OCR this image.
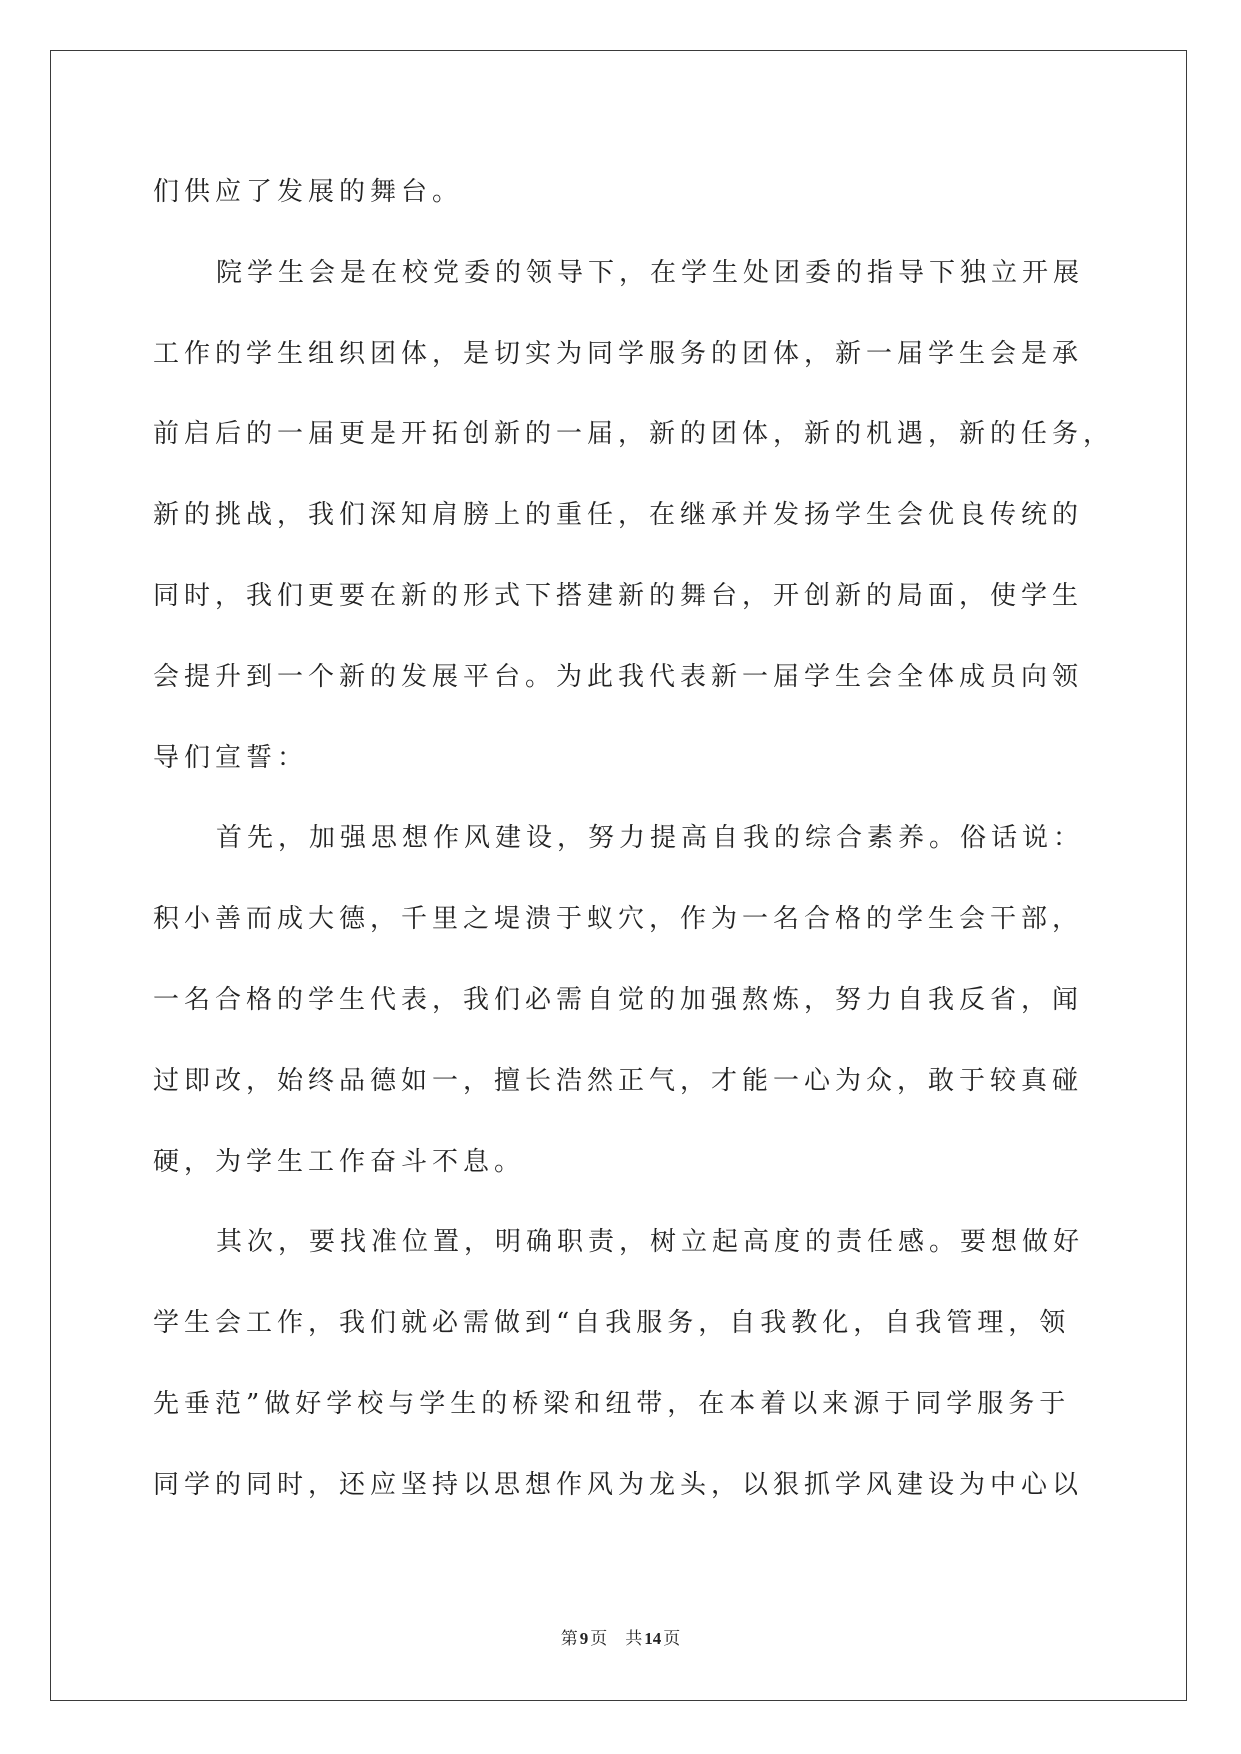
们供应了发展的舞台。
院学生会是在校党委的领导下，在学生处团委的指导下独立开展
工作的学生组织团体，是切实为同学服务的团体，新一届学生会是承
前启后的一届更是开拓创新的一届，新的团体，新的机遇，新的任务，
新的挑战，我们深知肩膀上的重任，在继承并发扬学生会优良传统的
同时，我们更要在新的形式下搭建新的舞台，开创新的局面，使学生
会提升到一个新的发展平台。为此我代表新一届学生会全体成员向领
导们宣誓：
首先，加强思想作风建设，努力提高自我的综合素养。俗话说：
积小善而成大德，千里之堤溃于蚁穴，作为一名合格的学生会干部，
一名合格的学生代表，我们必需自觉的加强熬炼，努力自我反省，闻
过即改，始终品德如一，擅长浩然正气，才能一心为众，敢于较真碰
硬，为学生工作奋斗不息。
其次，要找准位置，明确职责，树立起高度的责任感。要想做好
学生会工作，我们就必需做到“自我服务，自我教化，自我管理，领
先垂范”做好学校与学生的桥梁和纽带，在本着以来源于同学服务于
同学的同时，还应坚持以思想作风为龙头，以狠抓学风建设为中心以
第 9 页 共 14 页
